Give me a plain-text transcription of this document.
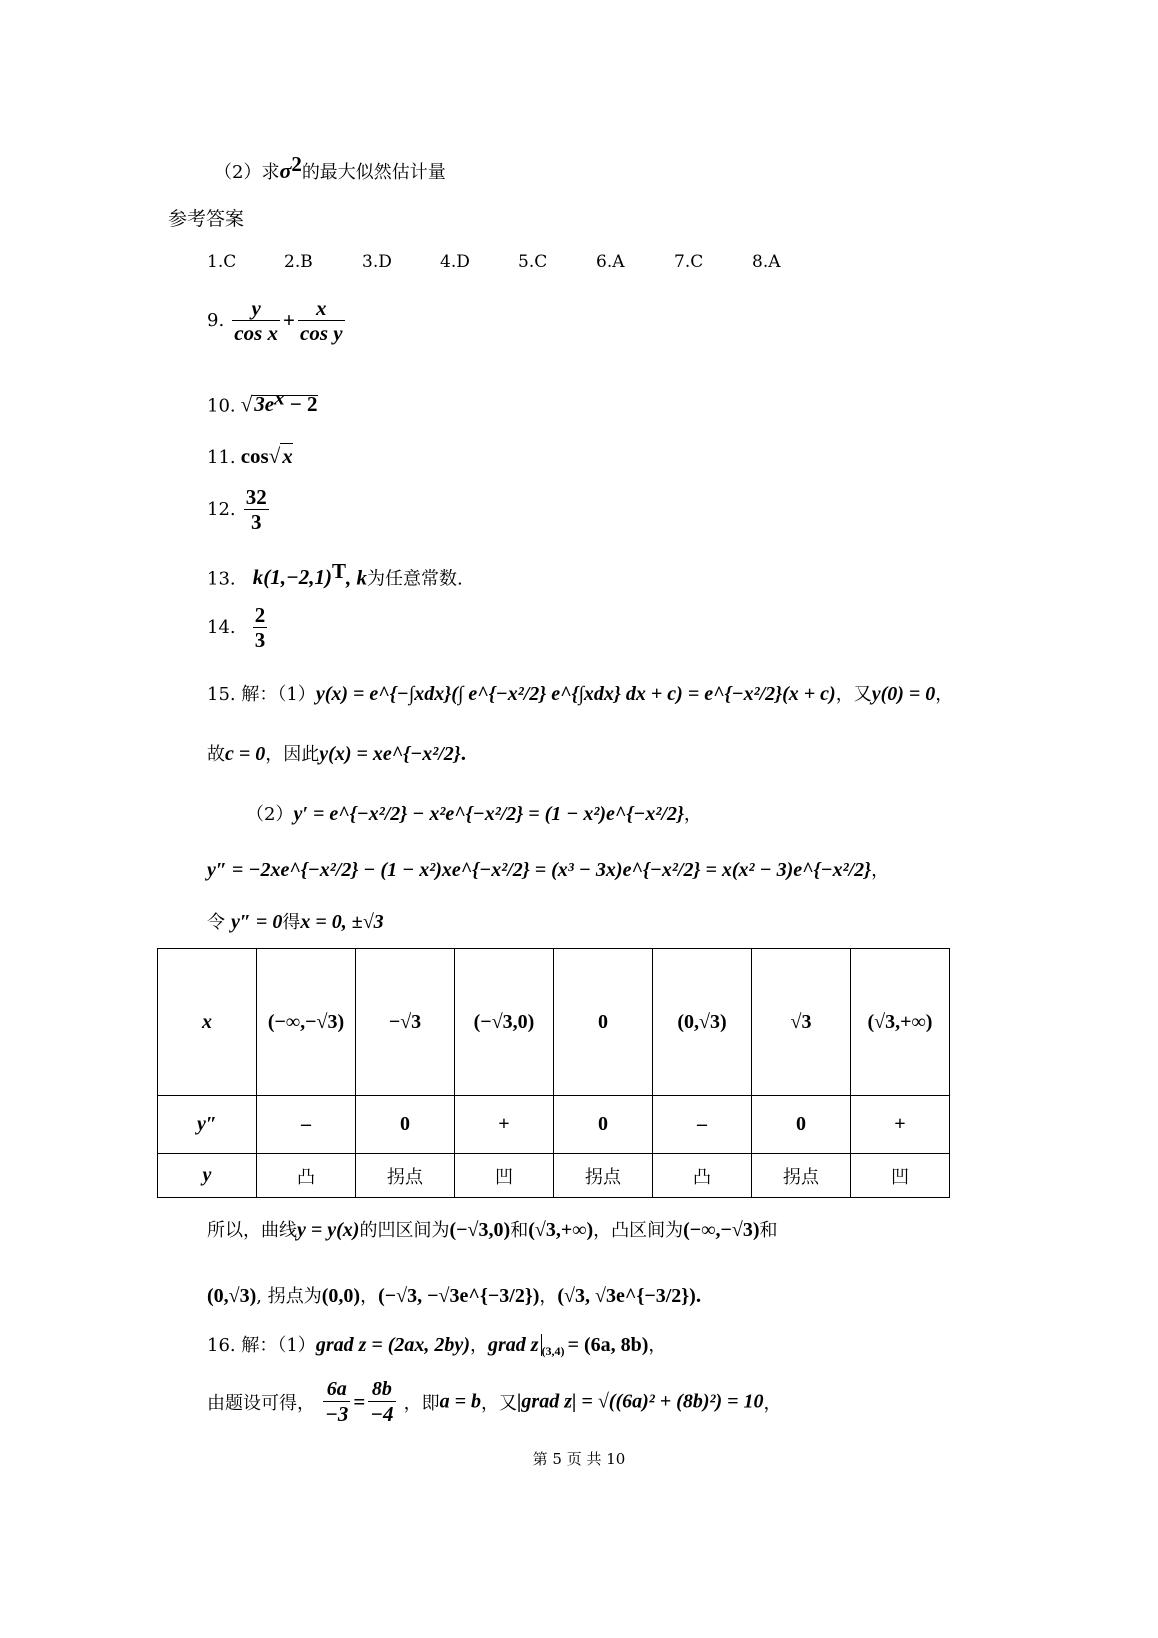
（2）求$\sigma^2$的最大似然估计量
参考答案
1.C	2.B	3.D	4.D	5.C	6.A	7.C	8.A
9. $\frac{y}{\text{cos x}} + \frac{x}{\text{cos y}}$
10. $√3e^x - 2$
11. cos√x
12. $\frac{32}{3}$
13. $k(1,-2,1)^T$, k为任意常数.
14. $\frac{2}{3}$
15. 解：（1）y(x) = e^{−∫xdx}(∫ e^{−x²/2} e^{∫xdx} dx + c) = e^{−x²/2}(x + c)，又y(0) = 0，
故c = 0，因此y(x) = xe^{−x²/2}.
（2）y′ = e^{−x²/2} − x²e^{−x²/2} = (1 − x²)e^{−x²/2}，
y″ = −2xe^{−x²/2} − (1 − x²)xe^{−x²/2} = (x³ − 3x)e^{−x²/2} = x(x² − 3)e^{−x²/2}，
令 y″ = 0得x = 0, ±√3
x	(−∞,−√3)	−√3	(−√3,0)	0	(0,√3)	√3	(√3,+∞)
y″	–	0	+	0	–	0	+
y	凸	拐点	凹	拐点	凸	拐点	凹
所以，曲线y = y(x)的凹区间为(−√3,0)和(√3,+∞)，凸区间为(−∞,−√3)和
(0,√3), 拐点为(0,0)，(−√3, −√3e^{−3/2})，(√3, √3e^{−3/2}).
16. 解：（1）grad z = (2ax, 2by)，grad z $_{(3,4)}$ = (6a, 8b)，
由题设可得， $\frac{6a}{-3} = \frac{8b}{-4}$ ，即a = b，又|grad z| = √((6a)² + (8b)²) = 10，
第 5 页 共 10
